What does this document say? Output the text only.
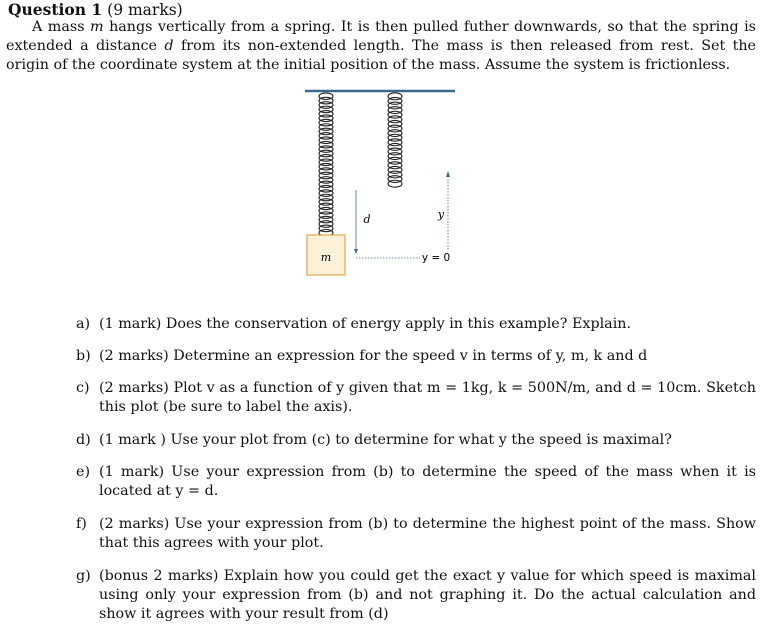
Question 1 (9 marks)

A mass m hangs vertically from a spring. It is then pulled futher downwards, so that the spring is extended a distance d from its non-extended length. The mass is then released from rest. Set the origin of the coordinate system at the initial position of the mass. Assume the system is frictionless.

m
d
y = 0
y
a) (1 mark) Does the conservation of energy apply in this example? Explain.
b) (2 marks) Determine an expression for the speed v in terms of y, m, k and d
c) (2 marks) Plot v as a function of y given that m = 1kg, k = 500N/m, and d = 10cm. Sketch this plot (be sure to label the axis).
d) (1 mark ) Use your plot from (c) to determine for what y the speed is maximal?
e) (1 mark) Use your expression from (b) to determine the speed of the mass when it is located at y = d.
f) (2 marks) Use your expression from (b) to determine the highest point of the mass. Show that this agrees with your plot.
g) (bonus 2 marks) Explain how you could get the exact y value for which speed is maximal using only your expression from (b) and not graphing it. Do the actual calculation and show it agrees with your result from (d)
